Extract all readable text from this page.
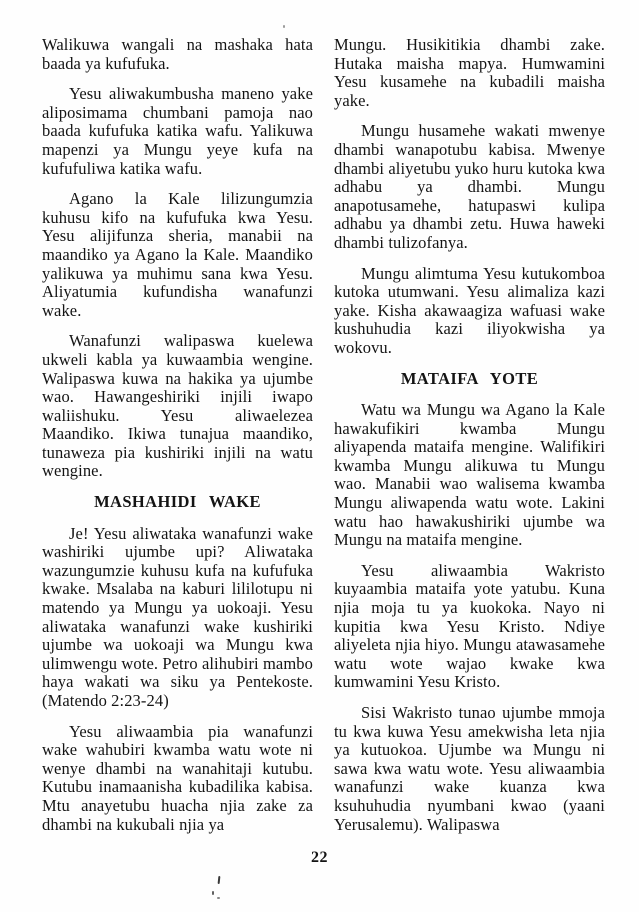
Walikuwa wangali na mashaka hata baada ya kufufuka.

Yesu aliwakumbusha maneno yake aliposimama chumbani pamoja nao baada kufufuka katika wafu. Yalikuwa mapenzi ya Mungu yeye kufa na kufufuliwa katika wafu.

Agano la Kale lilizungumzia kuhusu kifo na kufufuka kwa Yesu. Yesu alijifunza sheria, manabii na maandiko ya Agano la Kale. Maandiko yalikuwa ya muhimu sana kwa Yesu. Aliyatumia kufundisha wanafunzi wake.

Wanafunzi walipaswa kuelewa ukweli kabla ya kuwaambia wengine. Walipaswa kuwa na hakika ya ujumbe wao. Hawangeshiriki injili iwapo waliishuku. Yesu aliwaelezea Maandiko. Ikiwa tunajua maandiko, tunaweza pia kushiriki injili na watu wengine.

MASHAHIDI WAKE

Je! Yesu aliwataka wanafunzi wake washiriki ujumbe upi? Aliwataka wazungumzie kuhusu kufa na kufufuka kwake. Msalaba na kaburi lililotupu ni matendo ya Mungu ya uokoaji. Yesu aliwataka wanafunzi wake kushiriki ujumbe wa uokoaji wa Mungu kwa ulimwengu wote. Petro alihubiri mambo haya wakati wa siku ya Pentekoste. (Matendo 2:23-24)

Yesu aliwaambia pia wanafunzi wake wahubiri kwamba watu wote ni wenye dhambi na wanahitaji kutubu. Kutubu inamaanisha kubadilika kabisa. Mtu anayetubu huacha njia zake za dhambi na kukubali njia ya

Mungu. Husikitikia dhambi zake. Hutaka maisha mapya. Humwamini Yesu kusamehe na kubadili maisha yake.

Mungu husamehe wakati mwenye dhambi wanapotubu kabisa. Mwenye dhambi aliyetubu yuko huru kutoka kwa adhabu ya dhambi. Mungu anapotusamehe, hatupaswi kulipa adhabu ya dhambi zetu. Huwa haweki dhambi tulizofanya.

Mungu alimtuma Yesu kutukomboa kutoka utumwani. Yesu alimaliza kazi yake. Kisha akawaagiza wafuasi wake kushuhudia kazi iliyokwisha ya wokovu.

MATAIFA YOTE

Watu wa Mungu wa Agano la Kale hawakufikiri kwamba Mungu aliyapenda mataifa mengine. Walifikiri kwamba Mungu alikuwa tu Mungu wao. Manabii wao walisema kwamba Mungu aliwapenda watu wote. Lakini watu hao hawakushiriki ujumbe wa Mungu na mataifa mengine.

Yesu aliwaambia Wakristo kuyaambia mataifa yote yatubu. Kuna njia moja tu ya kuokoka. Nayo ni kupitia kwa Yesu Kristo. Ndiye aliyeleta njia hiyo. Mungu atawasamehe watu wote wajao kwake kwa kumwamini Yesu Kristo.

Sisi Wakristo tunao ujumbe mmoja tu kwa kuwa Yesu amekwisha leta njia ya kutuokoa. Ujumbe wa Mungu ni sawa kwa watu wote. Yesu aliwaambia wanafunzi wake kuanza kwa ksuhuhudia nyumbani kwao (yaani Yerusalemu). Walipaswa

22
